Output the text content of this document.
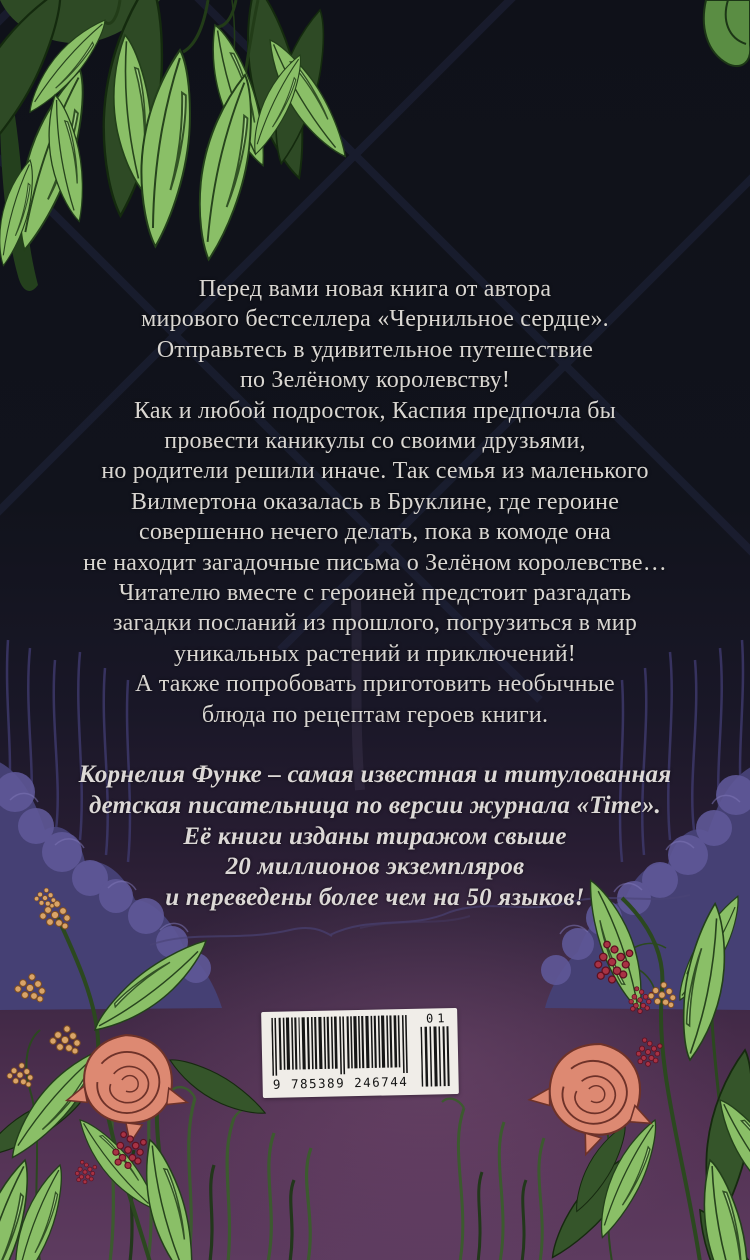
Перед вами новая книга от автора

мирового бестселлера «Чернильное сердце».

Отправьтесь в удивительное путешествие

по Зелёному королевству!

Как и любой подросток, Каспия предпочла бы

провести каникулы со своими друзьями,

но родители решили иначе. Так семья из маленького

Вилмертона оказалась в Бруклине, где героине

совершенно нечего делать, пока в комоде она

не находит загадочные письма о Зелёном королевстве…

Читателю вместе с героиней предстоит разгадать

загадки посланий из прошлого, погрузиться в мир

уникальных растений и приключений!

А также попробовать приготовить необычные

блюда по рецептам героев книги.

Корнелия Функе – самая известная и титулованная

детская писательница по версии журнала «Time».

Её книги изданы тиражом свыше

20 миллионов экземпляров

и переведены более чем на 50 языков!

9 785389 246744
01
